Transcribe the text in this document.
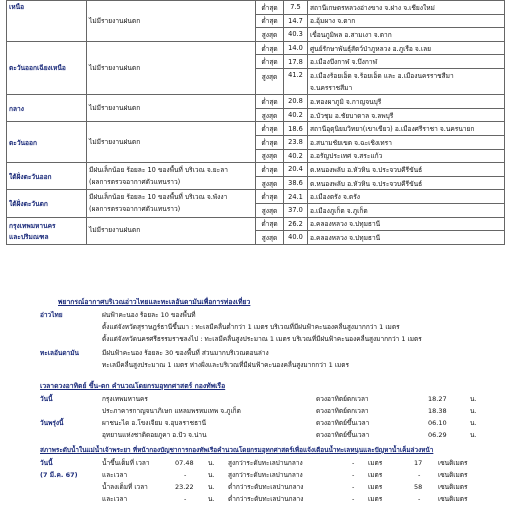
เหนือ	ไม่มีรายงานฝนตก	ต่ำสุด	7.5	สถานีเกษตรหลวงอ่างขาง จ.ฝาง จ.เชียงใหม่
		ต่ำสุด	14.7	อ.อุ้มผาง จ.ตาก
		สูงสุด	40.3	เขื่อนภูมิพล อ.สามเงา จ.ตาก
ตะวันออกเฉียงเหนือ	ไม่มีรายงานฝนตก	ต่ำสุด	14.0	ศูนย์รักษาพันธุ์สัตว์ป่าภูหลวง อ.ภูเรือ จ.เลย
		ต่ำสุด	17.8	อ.เมืองบึงกาฬ จ.บึงกาฬ
		สูงสุด	41.2	อ.เมืองร้อยเอ็ด จ.ร้อยเอ็ด และ อ.เมืองนครราชสีมา
				จ.นครราชสีมา
กลาง	ไม่มีรายงานฝนตก	ต่ำสุด	20.8	อ.ทองผาภูมิ จ.กาญจนบุรี
		สูงสุด	40.2	อ.บัวชุม อ.ชัยบาดาล จ.ลพบุรี
ตะวันออก	ไม่มีรายงานฝนตก	ต่ำสุด	18.6	สถานีอุตุนิยมวิทยา(เขาเขียว) อ.เมืองศรีราชา จ.นครนายก
		ต่ำสุด	23.8	อ.สนามชัยเขต จ.ฉะเชิงเทรา
		สูงสุด	40.2	อ.อรัญประเทศ จ.สระแก้ว
ใต้ฝั่งตะวันออก	มีฝนเล็กน้อย ร้อยละ 10 ของพื้นที่ บริเวณ จ.ยะลา
(ผลการตรวจอากาศตัวแทนราว)	ต่ำสุด	20.4	ต.หนองพลับ อ.หัวหิน จ.ประจวบคีรีขันธ์
		สูงสุด	38.6	ต.หนองพลับ อ.หัวหิน จ.ประจวบคีรีขันธ์
ใต้ฝั่งตะวันตก	มีฝนเล็กน้อย ร้อยละ 10 ของพื้นที่ บริเวณ จ.พังงา
(ผลการตรวจอากาศตัวแทนราว)	ต่ำสุด	24.1	อ.เมืองตรัง จ.ตรัง
		สูงสุด	37.0	อ.เมืองภูเก็ต จ.ภูเก็ต
กรุงเทพมหานคร
และปริมณฑล	ไม่มีรายงานฝนตก	ต่ำสุด	26.2	อ.คลองหลวง จ.ปทุมธานี
		สูงสุด	40.0	อ.คลองหลวง จ.ปทุมธานี
พยากรณ์อากาศบริเวณอ่าวไทยและทะเลอันดามันเพื่อการท่องเที่ยว
อ่าวไทย	ฝนฟ้าคะนอง ร้อยละ 10 ของพื้นที่
ตั้งแต่จังหวัดสุราษฎร์ธานีขึ้นมา : ทะเลมีคลื่นต่ำกว่า 1 เมตร บริเวณที่มีฝนฟ้าคะนองคลื่นสูงมากกว่า 1 เมตร
ตั้งแต่จังหวัดนครศรีธรรมราชลงไป : ทะเลมีคลื่นสูงประมาณ 1 เมตร บริเวณที่มีฝนฟ้าคะนองคลื่นสูงมากกว่า 1 เมตร
ทะเลอันดามัน	มีฝนฟ้าคะนอง ร้อยละ 30 ของพื้นที่ ส่วนมากบริเวณตอนล่าง
ทะเลมีคลื่นสูงประมาณ 1 เมตร ห่างฝั่งและบริเวณที่มีฝนฟ้าคะนองคลื่นสูงมากกว่า 1 เมตร
เวลาดวงอาทิตย์ ขึ้น-ตก คำนวณโดยกรมอุทกศาสตร์ กองทัพเรือ
วันนี้	กรุงเทพมหานคร	ดวงอาทิตย์ตกเวลา	18.27	น.
ประภาคารกาญจนาภิเษก แหลมพรหมเทพ จ.ภูเก็ต	ดวงอาทิตย์ตกเวลา	18.38	น.
วันพรุ่งนี้	ผาชนะได อ.โขงเจียม จ.อุบลราชธานี	ดวงอาทิตย์ขึ้นเวลา	06.10	น.
อุทยานแห่งชาติดอยภูคา อ.ปัว จ.น่าน	ดวงอาทิตย์ขึ้นเวลา	06.29	น.
สภาพระดับน้ำในแม่น้ำเจ้าพระยา ที่หน้ากองบัญชาการกองทัพเรือคำนวณโดยกรมอุทกศาสตร์เพื่อแจ้งเตือนน้ำทะเลหนุนและปัญหาน้ำเค็มล่วงหน้า
วันนี้	น้ำขึ้นเต็มที่ เวลา	07.48 น. สูงกว่าระดับทะเลปานกลาง	- เมตร	17 เซนติเมตร
(7 มี.ค. 67)	และเวลา	-	น. สูงกว่าระดับทะเลปานกลาง	- เมตร	-	เซนติเมตร
น้ำลงเต็มที่ เวลา	23.22 น. ต่ำกว่าระดับทะเลปานกลาง	- เมตร	58 เซนติเมตร
และเวลา	-	น. ต่ำกว่าระดับทะเลปานกลาง	- เมตร	-	เซนติเมตร
